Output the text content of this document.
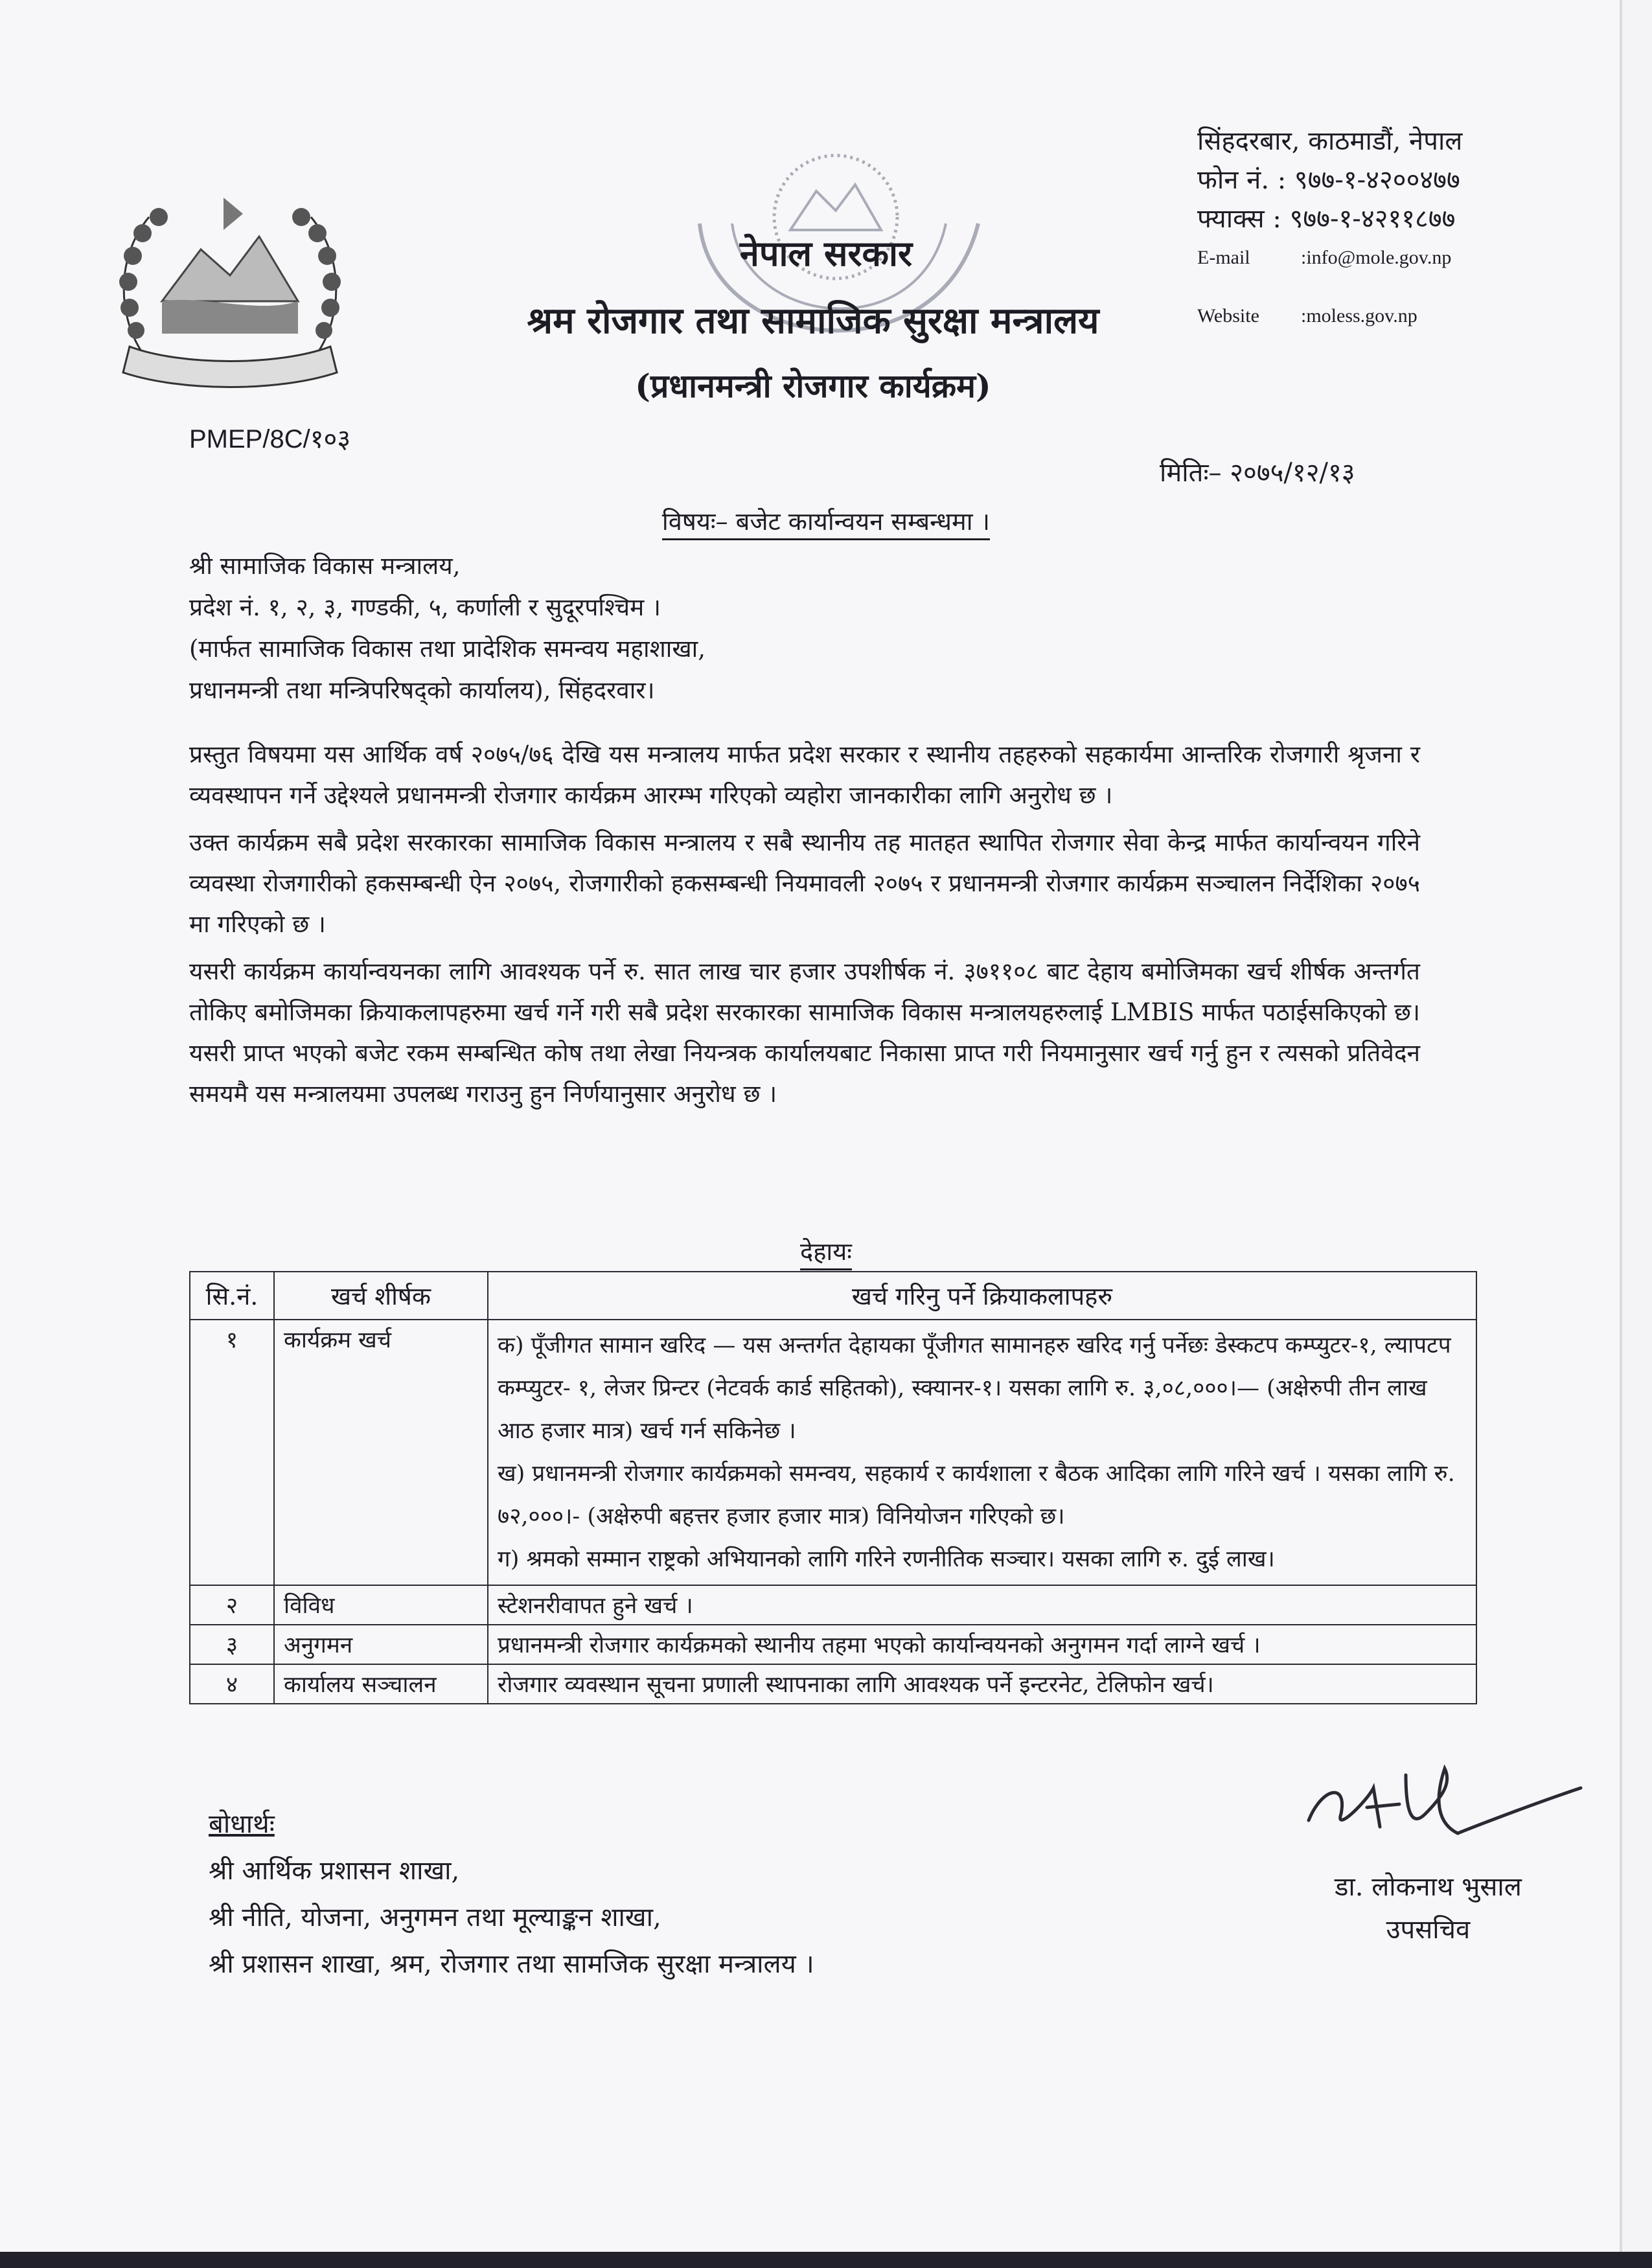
सिंहदरबार, काठमाडौं, नेपाल
फोन नं. : ९७७-१-४२००४७७
फ्याक्स : ९७७-१-४२११८७७
E-mail	:info@mole.gov.np
Website	:moless.gov.np
नेपाल सरकार
श्रम रोजगार तथा सामाजिक सुरक्षा मन्त्रालय
(प्रधानमन्त्री रोजगार कार्यक्रम)
PMEP/8C/१०३
मितिः– २०७५/१२/१३
विषयः– बजेट कार्यान्वयन सम्बन्धमा ।
श्री सामाजिक विकास मन्त्रालय,
प्रदेश नं. १, २, ३, गण्डकी, ५, कर्णाली र सुदूरपश्चिम ।
(मार्फत सामाजिक विकास तथा प्रादेशिक समन्वय महाशाखा,
प्रधानमन्त्री तथा मन्त्रिपरिषद्को कार्यालय), सिंहदरवार।

प्रस्तुत विषयमा यस आर्थिक वर्ष २०७५/७६ देखि यस मन्त्रालय मार्फत प्रदेश सरकार र स्थानीय तहहरुको सहकार्यमा आन्तरिक रोजगारी श्रृजना र व्यवस्थापन गर्ने उद्देश्यले प्रधानमन्त्री रोजगार कार्यक्रम आरम्भ गरिएको व्यहोरा जानकारीका लागि अनुरोध छ ।

उक्त कार्यक्रम सबै प्रदेश सरकारका सामाजिक विकास मन्त्रालय र सबै स्थानीय तह मातहत स्थापित रोजगार सेवा केन्द्र मार्फत कार्यान्वयन गरिने व्यवस्था रोजगारीको हकसम्बन्धी ऐन २०७५, रोजगारीको हकसम्बन्धी नियमावली २०७५ र प्रधानमन्त्री रोजगार कार्यक्रम सञ्चालन निर्देशिका २०७५ मा गरिएको छ ।

यसरी कार्यक्रम कार्यान्वयनका लागि आवश्यक पर्ने रु. सात लाख चार हजार उपशीर्षक नं. ३७११०८ बाट देहाय बमोजिमका खर्च शीर्षक अन्तर्गत तोकिए बमोजिमका क्रियाकलापहरुमा खर्च गर्ने गरी सबै प्रदेश सरकारका सामाजिक विकास मन्त्रालयहरुलाई LMBIS मार्फत पठाईसकिएको छ। यसरी प्राप्त भएको बजेट रकम सम्बन्धित कोष तथा लेखा नियन्त्रक कार्यालयबाट निकासा प्राप्त गरी नियमानुसार खर्च गर्नु हुन र त्यसको प्रतिवेदन समयमै यस मन्त्रालयमा उपलब्ध गराउनु हुन निर्णयानुसार अनुरोध छ ।

देहायः
सि.नं.	खर्च शीर्षक	खर्च गरिनु पर्ने क्रियाकलापहरु
१	कार्यक्रम खर्च	क) पूँजीगत सामान खरिद — यस अन्तर्गत देहायका पूँजीगत सामानहरु खरिद गर्नु पर्नेछः डेस्कटप कम्प्युटर-१, ल्यापटप कम्प्युटर- १, लेजर प्रिन्टर (नेटवर्क कार्ड सहितको), स्क्यानर-१। यसका लागि रु. ३,०८,०००।— (अक्षेरुपी तीन लाख आठ हजार मात्र) खर्च गर्न सकिनेछ ।
ख) प्रधानमन्त्री रोजगार कार्यक्रमको समन्वय, सहकार्य र कार्यशाला र बैठक आदिका लागि गरिने खर्च । यसका लागि रु. ७२,०००।- (अक्षेरुपी बहत्तर हजार हजार मात्र) विनियोजन गरिएको छ।
ग) श्रमको सम्मान राष्ट्रको अभियानको लागि गरिने रणनीतिक सञ्चार। यसका लागि रु. दुई लाख।

२	विविध	स्टेशनरीवापत हुने खर्च ।
३	अनुगमन	प्रधानमन्त्री रोजगार कार्यक्रमको स्थानीय तहमा भएको कार्यान्वयनको अनुगमन गर्दा लाग्ने खर्च ।
४	कार्यालय सञ्चालन	रोजगार व्यवस्थान सूचना प्रणाली स्थापनाका लागि आवश्यक पर्ने इन्टरनेट, टेलिफोन खर्च।
बोधार्थः
श्री आर्थिक प्रशासन शाखा,
श्री नीति, योजना, अनुगमन तथा मूल्याङ्कन शाखा,
श्री प्रशासन शाखा, श्रम, रोजगार तथा सामजिक सुरक्षा मन्त्रालय ।
डा. लोकनाथ भुसाल
उपसचिव
